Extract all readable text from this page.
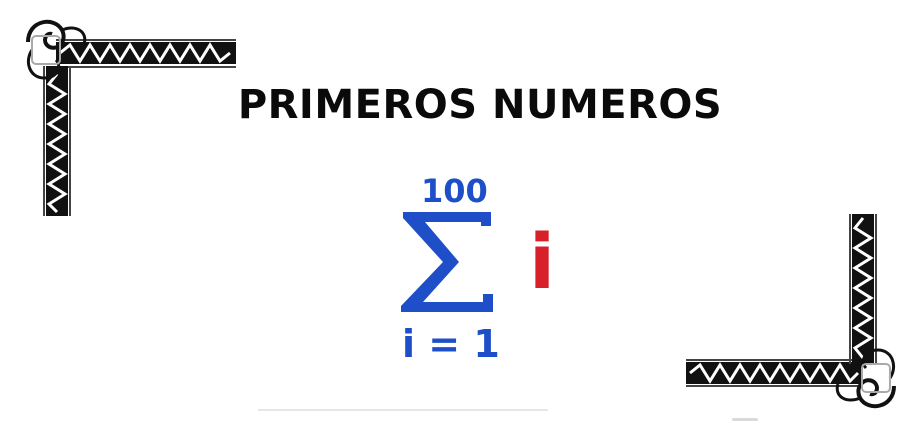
PRIMEROS NUMEROS
100
i
i = 1
